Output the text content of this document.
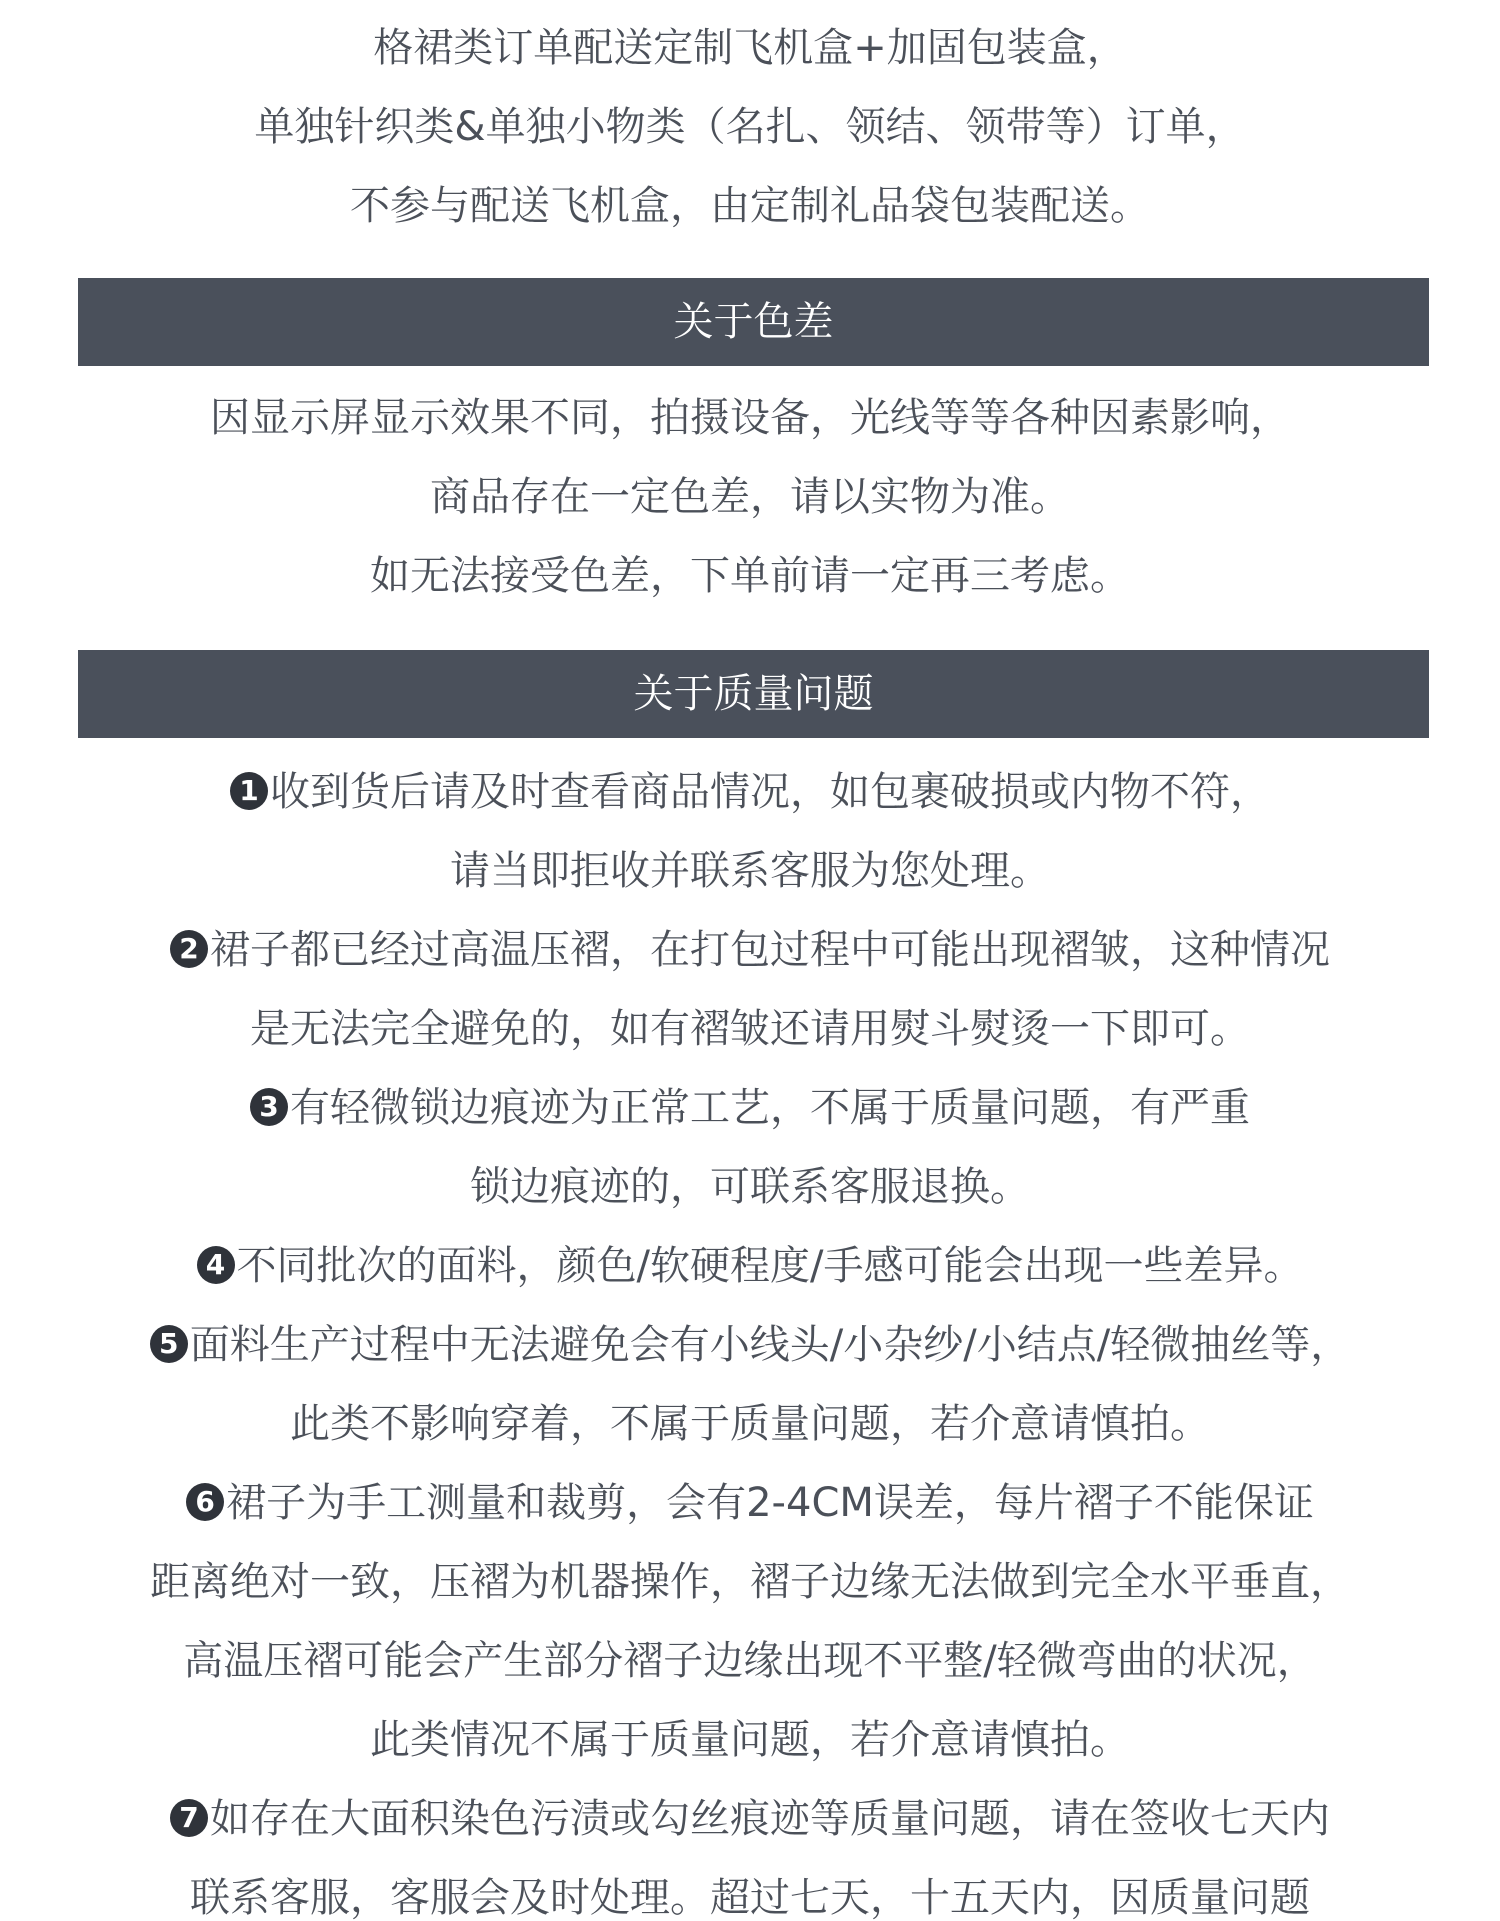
格裙类订单配送定制飞机盒+加固包装盒，
单独针织类&单独小物类（名扎、领结、领带等）订单，
不参与配送飞机盒，由定制礼品袋包装配送。
关于色差
因显示屏显示效果不同，拍摄设备，光线等等各种因素影响，
商品存在一定色差，请以实物为准。
如无法接受色差，下单前请一定再三考虑。
关于质量问题
1 收到货后请及时查看商品情况，如包裹破损或内物不符，
请当即拒收并联系客服为您处理。
2 裙子都已经过高温压褶，在打包过程中可能出现褶皱，这种情况
是无法完全避免的，如有褶皱还请用熨斗熨烫一下即可。
3 有轻微锁边痕迹为正常工艺，不属于质量问题，有严重
锁边痕迹的，可联系客服退换。
4 不同批次的面料，颜色/软硬程度/手感可能会出现一些差异。
5 面料生产过程中无法避免会有小线头/小杂纱/小结点/轻微抽丝等，
此类不影响穿着，不属于质量问题，若介意请慎拍。
6 裙子为手工测量和裁剪，会有2-4CM误差，每片褶子不能保证
距离绝对一致，压褶为机器操作，褶子边缘无法做到完全水平垂直，
高温压褶可能会产生部分褶子边缘出现不平整/轻微弯曲的状况，
此类情况不属于质量问题，若介意请慎拍。
7 如存在大面积染色污渍或勾丝痕迹等质量问题，请在签收七天内
联系客服，客服会及时处理。超过七天，十五天内，因质量问题
